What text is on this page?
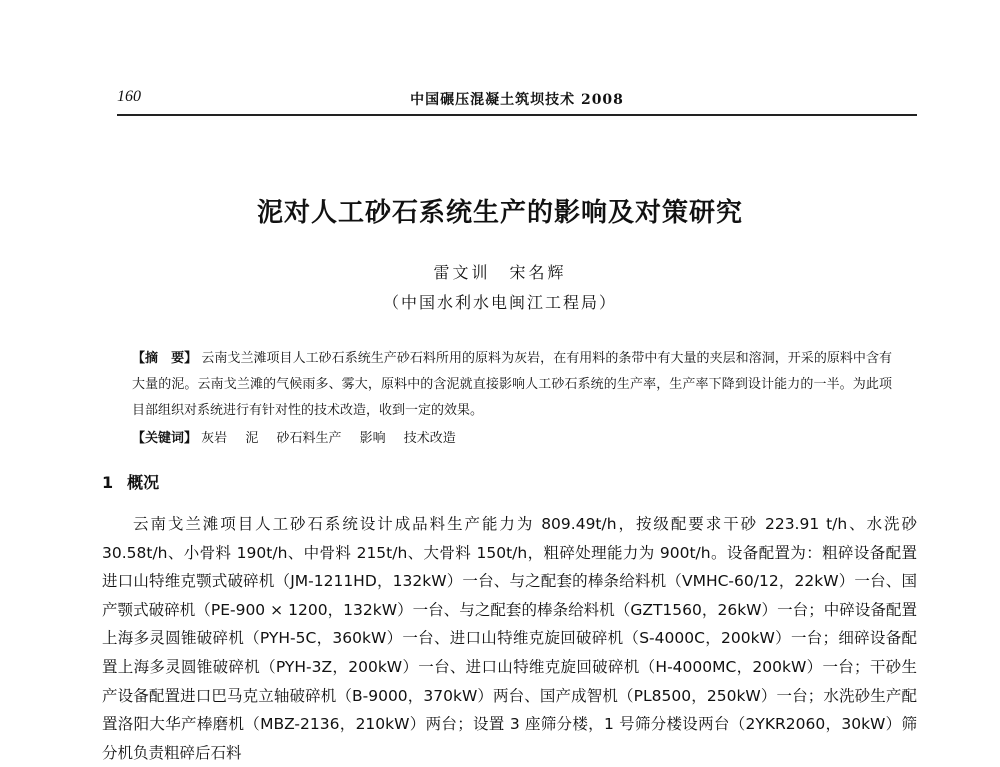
160	中国碾压混凝土筑坝技术 2008
泥对人工砂石系统生产的影响及对策研究
雷文训　宋名辉
（中国水利水电闽江工程局）

【摘　要】 云南戈兰滩项目人工砂石系统生产砂石料所用的原料为灰岩，在有用料的条带中有大量的夹层和溶洞，开采的原料中含有大量的泥。云南戈兰滩的气候雨多、雾大，原料中的含泥就直接影响人工砂石系统的生产率，生产率下降到设计能力的一半。为此项目部组织对系统进行有针对性的技术改造，收到一定的效果。

【关键词】 灰岩 泥 砂石料生产 影响 技术改造
1 概况

云南戈兰滩项目人工砂石系统设计成品料生产能力为 809.49t/h，按级配要求干砂 223.91 t/h、水洗砂 30.58t/h、小骨料 190t/h、中骨料 215t/h、大骨料 150t/h，粗碎处理能力为 900t/h。设备配置为：粗碎设备配置进口山特维克颚式破碎机（JM-1211HD，132kW）一台、与之配套的棒条给料机（VMHC-60/12，22kW）一台、国产颚式破碎机（PE-900 × 1200，132kW）一台、与之配套的棒条给料机（GZT1560，26kW）一台；中碎设备配置上海多灵圆锥破碎机（PYH-5C，360kW）一台、进口山特维克旋回破碎机（S-4000C，200kW）一台；细碎设备配置上海多灵圆锥破碎机（PYH-3Z，200kW）一台、进口山特维克旋回破碎机（H-4000MC，200kW）一台；干砂生产设备配置进口巴马克立轴破碎机（B-9000，370kW）两台、国产成智机（PL8500，250kW）一台；水洗砂生产配置洛阳大华产棒磨机（MBZ-2136，210kW）两台；设置 3 座筛分楼，1 号筛分楼设两台（2YKR2060，30kW）筛分机负责粗碎后石料
